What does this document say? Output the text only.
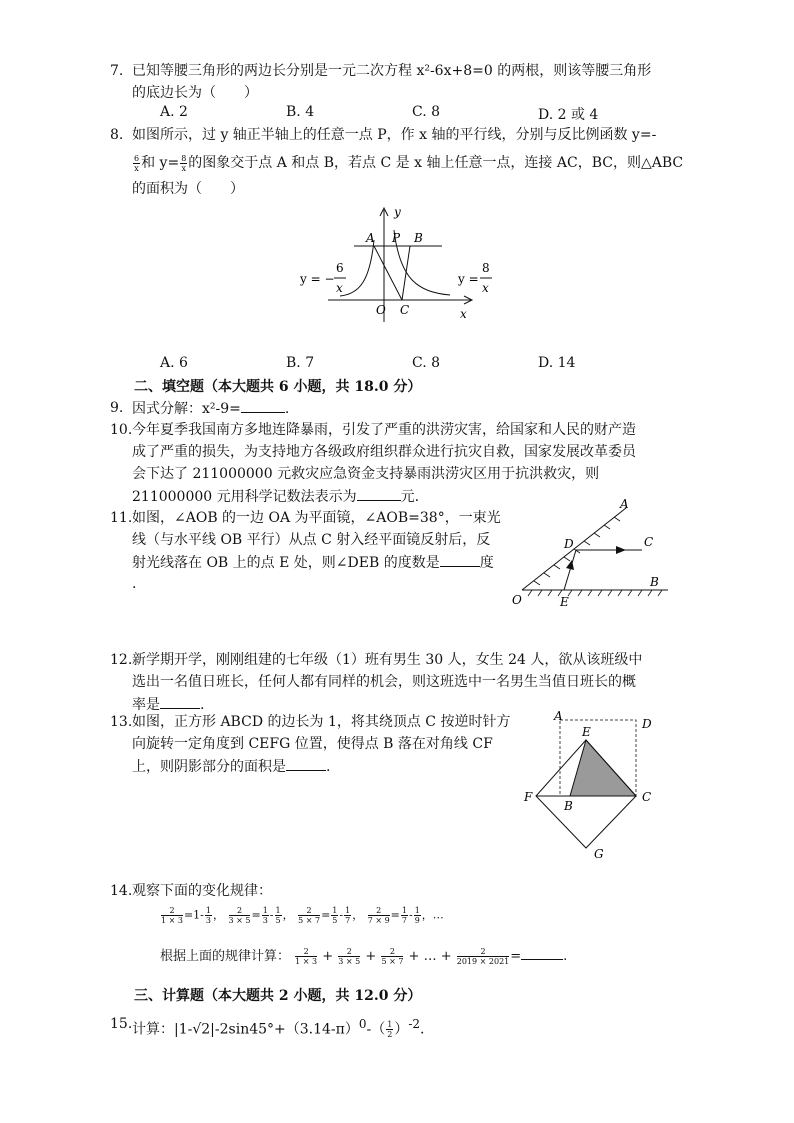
7. 已知等腰三角形的两边长分别是一元二次方程 x²-6x+8=0 的两根，则该等腰三角形
的底边长为（　　）
A. 2	B. 4	C. 8	D. 2 或 4
8. 如图所示，过 y 轴正半轴上的任意一点 P，作 x 轴的平行线，分别与反比例函数 y=-
$\frac{6}{x}$ 和 $y= \frac{8}{x}$ 的图象交于点 A 和点 B，若点 C 是 x 轴上任意一点，连接 AC，BC，则△ABC
的面积为（　　）
A P B
O C	x
y
y = −
6
x
y =
8
x
A. 6	B. 7	C. 8	D. 14
二、填空题（本大题共 6 小题，共 18.0 分）
9. 因式分解：x²-9=	.
10. 今年夏季我国南方多地连降暴雨，引发了严重的洪涝灾害，给国家和人民的财产造
成了严重的损失，为支持地方各级政府组织群众进行抗灾自救，国家发展改革委员
会下达了 211000000 元救灾应急资金支持暴雨洪涝灾区用于抗洪救灾，则
211000000 元用科学记数法表示为	元.
11. 如图，∠AOB 的一边 OA 为平面镜，∠AOB=38°，一束光
线（与水平线 OB 平行）从点 C 射入经平面镜反射后，反
射光线落在 OB 上的点 E 处，则∠DEB 的度数是	度
.
O
A
B
C
D
E
12. 新学期开学，刚刚组建的七年级（1）班有男生 30 人，女生 24 人，欲从该班级中
选出一名值日班长，任何人都有同样的机会，则这班选中一名男生当值日班长的概
率是	.
13. 如图，正方形 ABCD 的边长为 1，将其绕顶点 C 按逆时针方
向旋转一定角度到 CEFG 位置，使得点 B 落在对角线 CF
上，则阴影部分的面积是	.
A
D
E
F
B
C
G
14. 观察下面的变化规律：
$\frac{2}{1 \times 3} =1- \frac{1}{3}$ ， $\frac{2}{3 \times 5} = \frac{1}{3} - \frac{1}{5}$ ， $\frac{2}{5 \times 7} = \frac{1}{5} - \frac{1}{7}$ ， $\frac{2}{7 \times 9} = \frac{1}{7} - \frac{1}{9}$ ，…
根据上面的规律计算： $\frac{2}{1 \times 3} + \frac{2}{3 \times 5} + \frac{2}{5 \times 7}$ + … + $\frac{2}{2019 \times 2021}$ =	.
三、计算题（本大题共 2 小题，共 12.0 分）
15. 计算：$|1-√2|-2\sin 45^\circ+(3.14-\pi)^0-( \frac{1}{2} )^{-2}$.
